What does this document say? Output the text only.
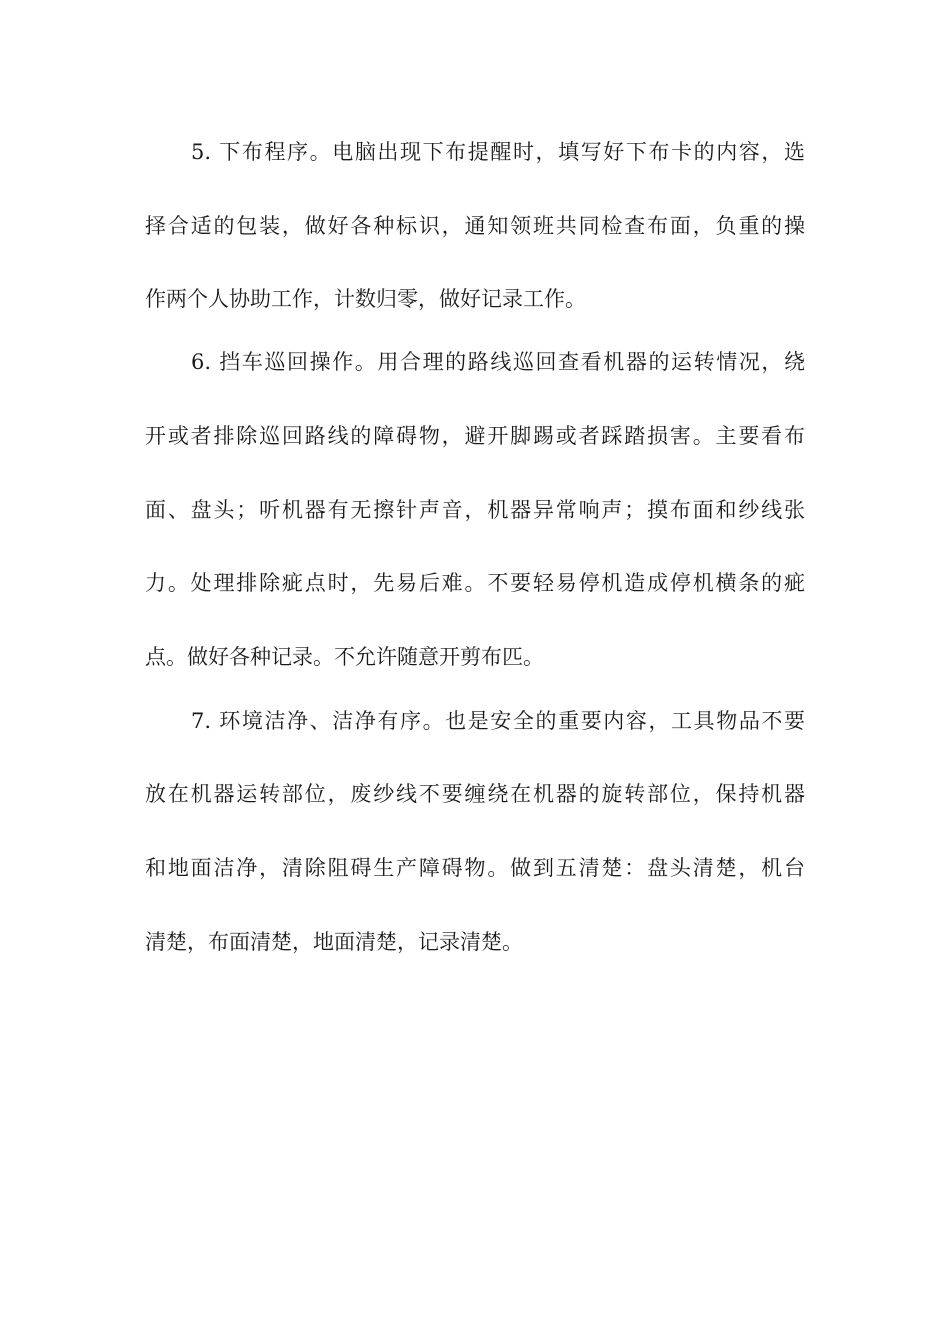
5. 下布程序。电脑出现下布提醒时，填写好下布卡的内容，选
择合适的包装，做好各种标识，通知领班共同检查布面，负重的操
作两个人协助工作，计数归零，做好记录工作。
6. 挡车巡回操作。用合理的路线巡回查看机器的运转情况，绕
开或者排除巡回路线的障碍物，避开脚踢或者踩踏损害。主要看布
面、盘头；听机器有无擦针声音，机器异常响声；摸布面和纱线张
力。处理排除疵点时，先易后难。不要轻易停机造成停机横条的疵
点。做好各种记录。不允许随意开剪布匹。
7. 环境洁净、洁净有序。也是安全的重要内容，工具物品不要
放在机器运转部位，废纱线不要缠绕在机器的旋转部位，保持机器
和地面洁净，清除阻碍生产障碍物。做到五清楚：盘头清楚，机台
清楚，布面清楚，地面清楚，记录清楚。
